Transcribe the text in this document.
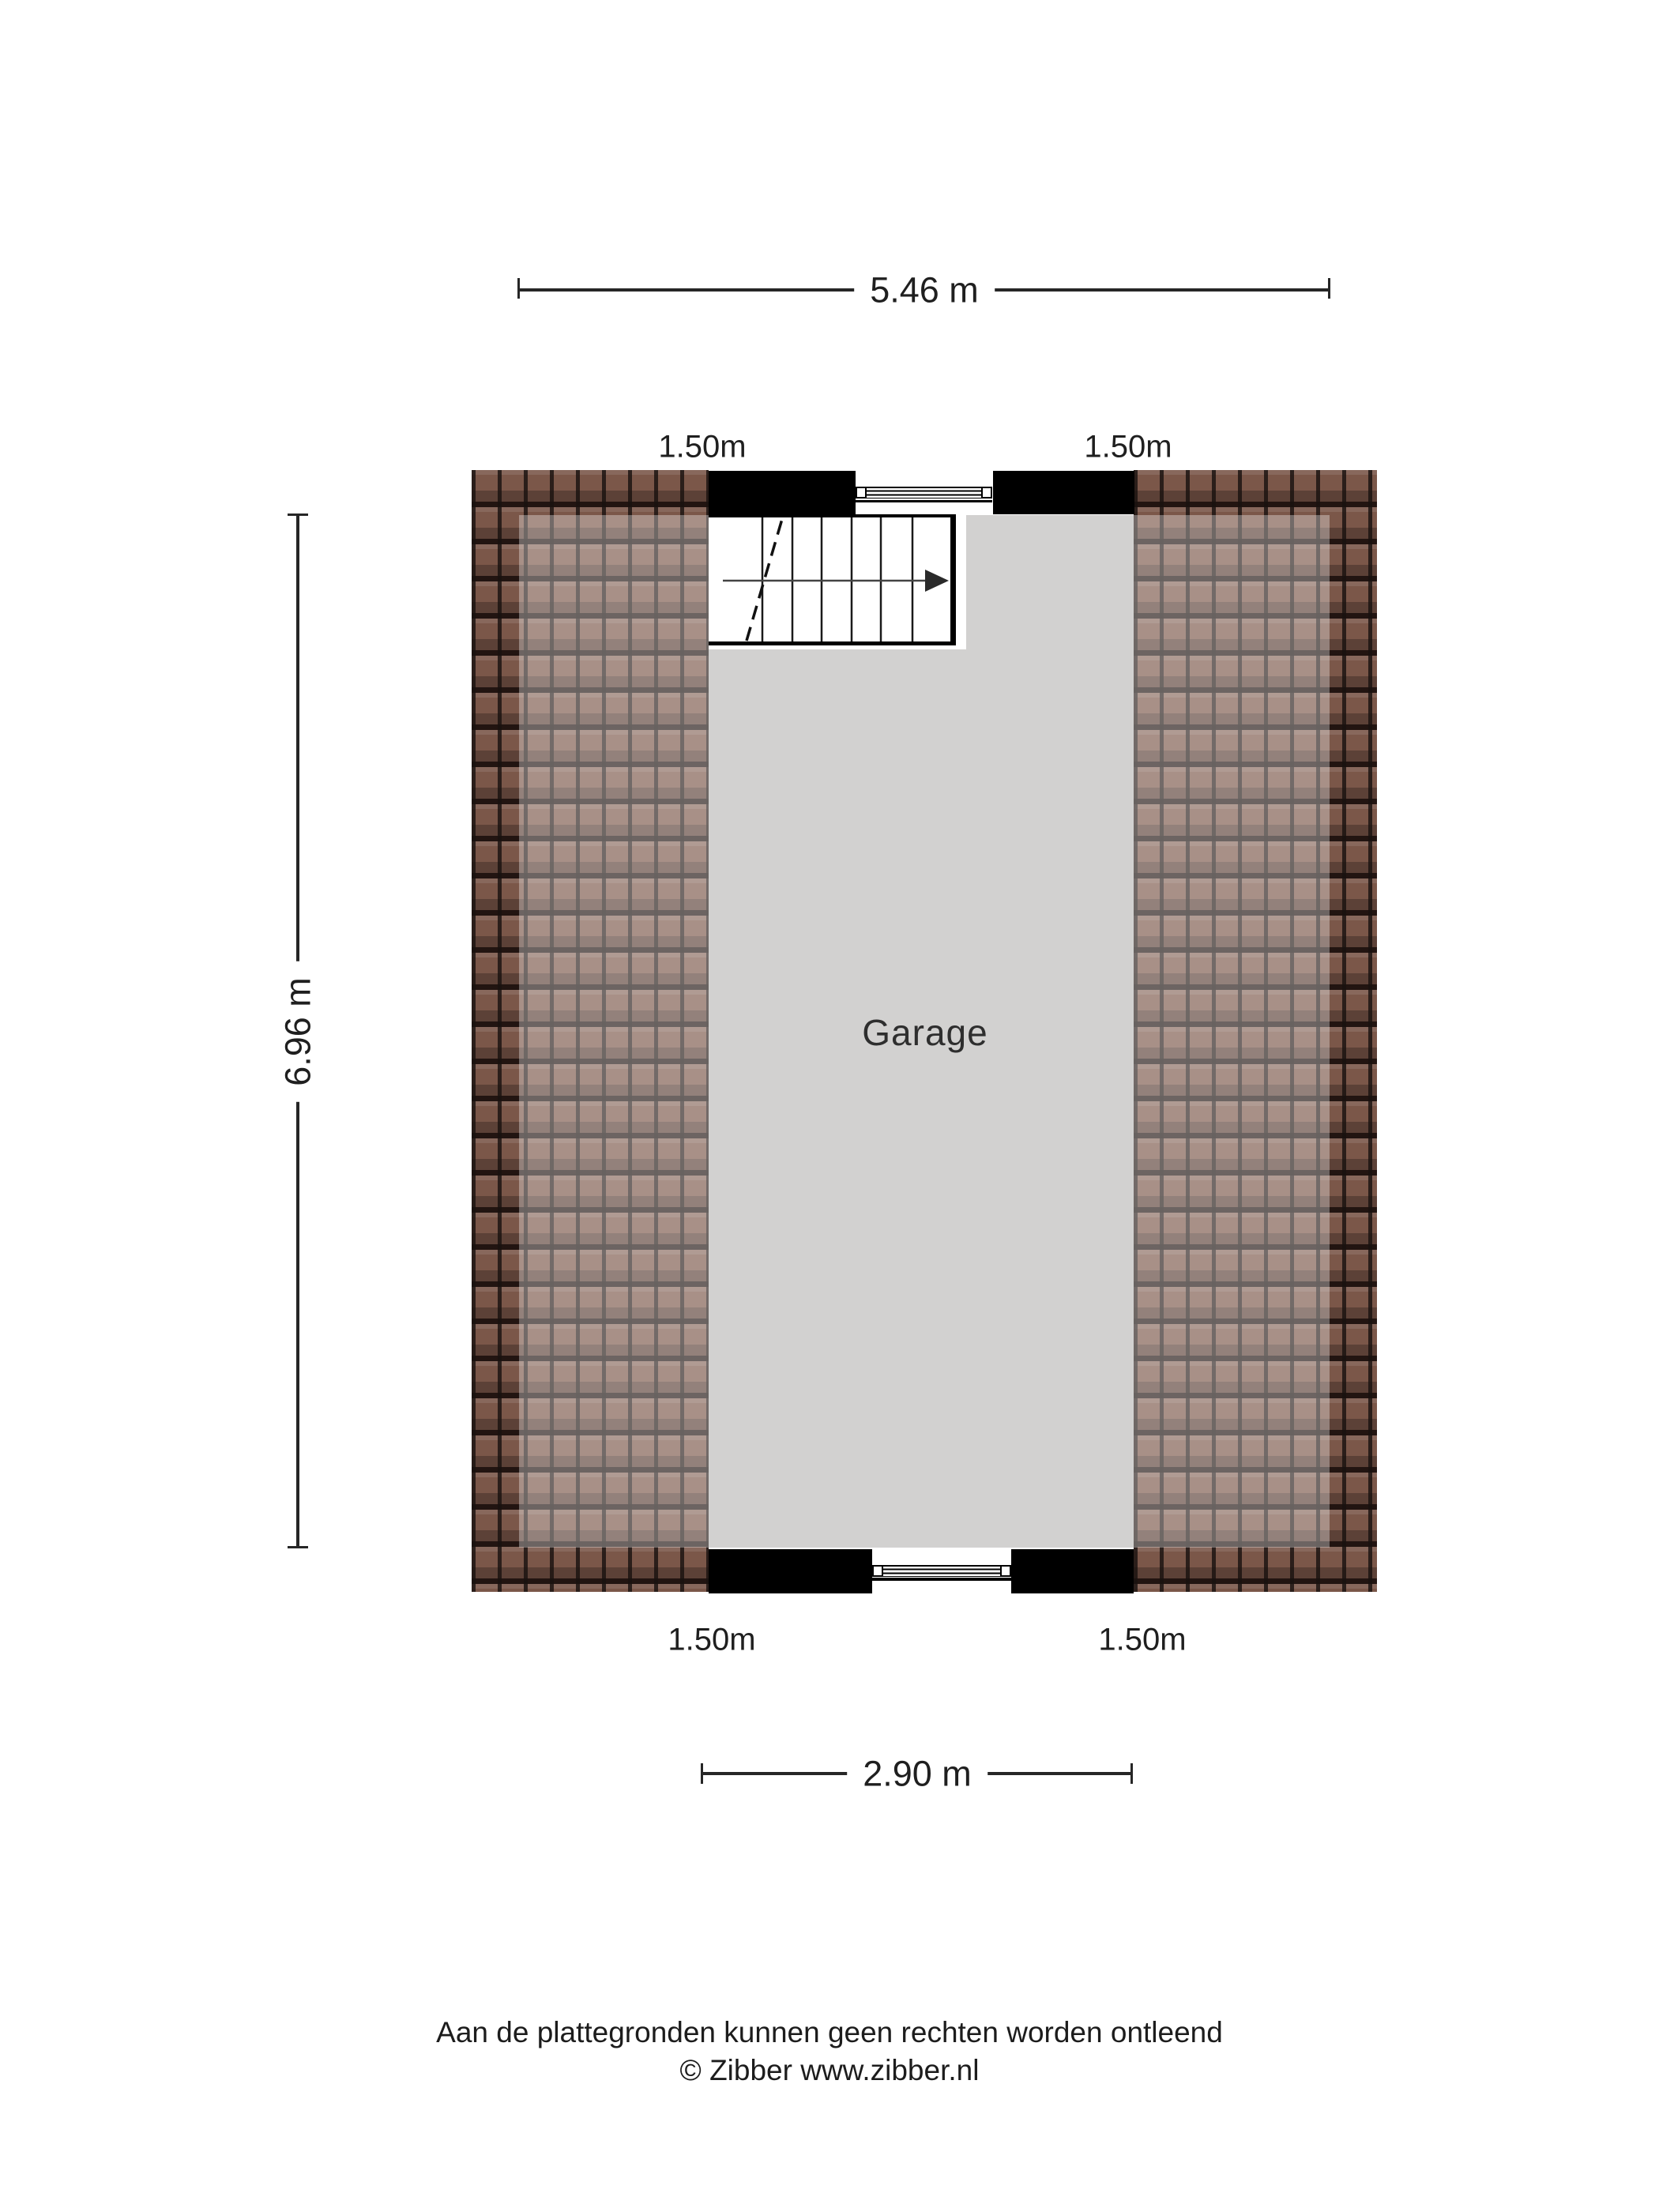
Garage
5.46 m
6.96 m
2.90 m
1.50m	1.50m
1.50m	1.50m
Aan de plattegronden kunnen geen rechten worden ontleend
© Zibber www.zibber.nl
